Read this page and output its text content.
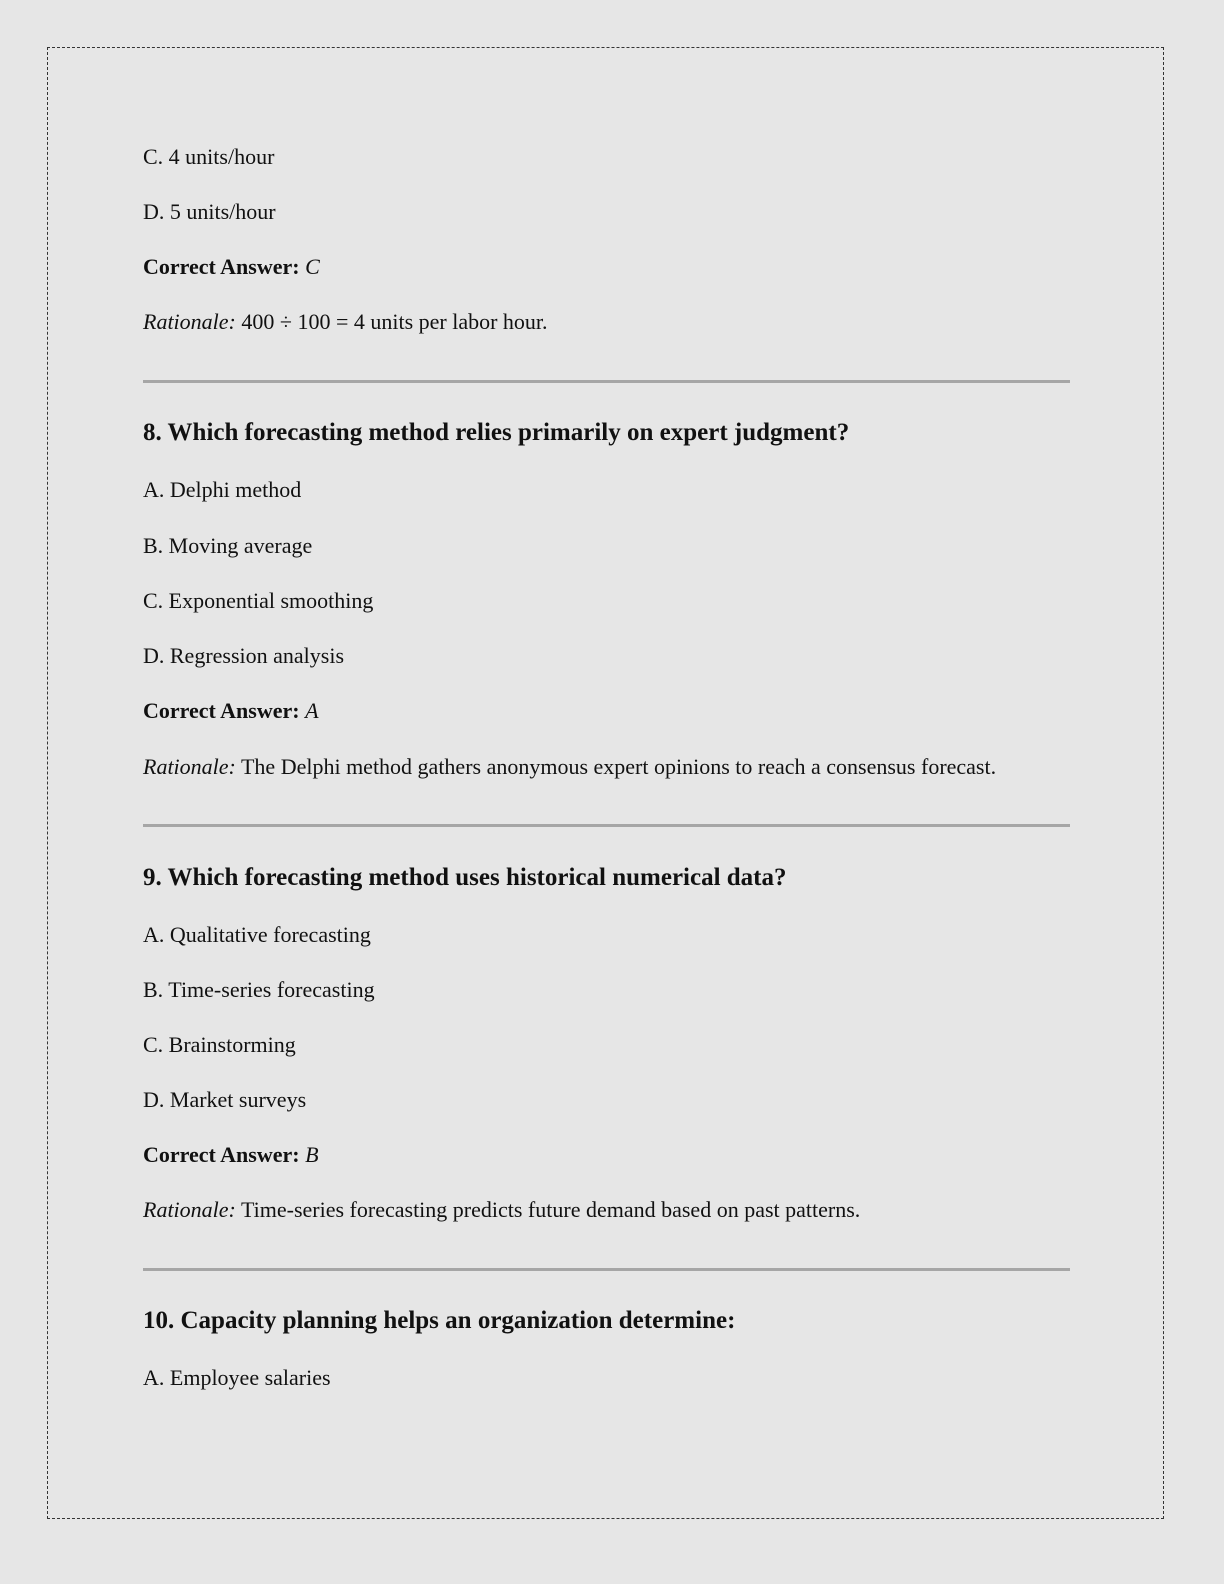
C. 4 units/hour
D. 5 units/hour
Correct Answer: C
Rationale: 400 ÷ 100 = 4 units per labor hour.
8. Which forecasting method relies primarily on expert judgment?
A. Delphi method
B. Moving average
C. Exponential smoothing
D. Regression analysis
Correct Answer: A
Rationale: The Delphi method gathers anonymous expert opinions to reach a consensus forecast.
9. Which forecasting method uses historical numerical data?
A. Qualitative forecasting
B. Time-series forecasting
C. Brainstorming
D. Market surveys
Correct Answer: B
Rationale: Time-series forecasting predicts future demand based on past patterns.
10. Capacity planning helps an organization determine:
A. Employee salaries
